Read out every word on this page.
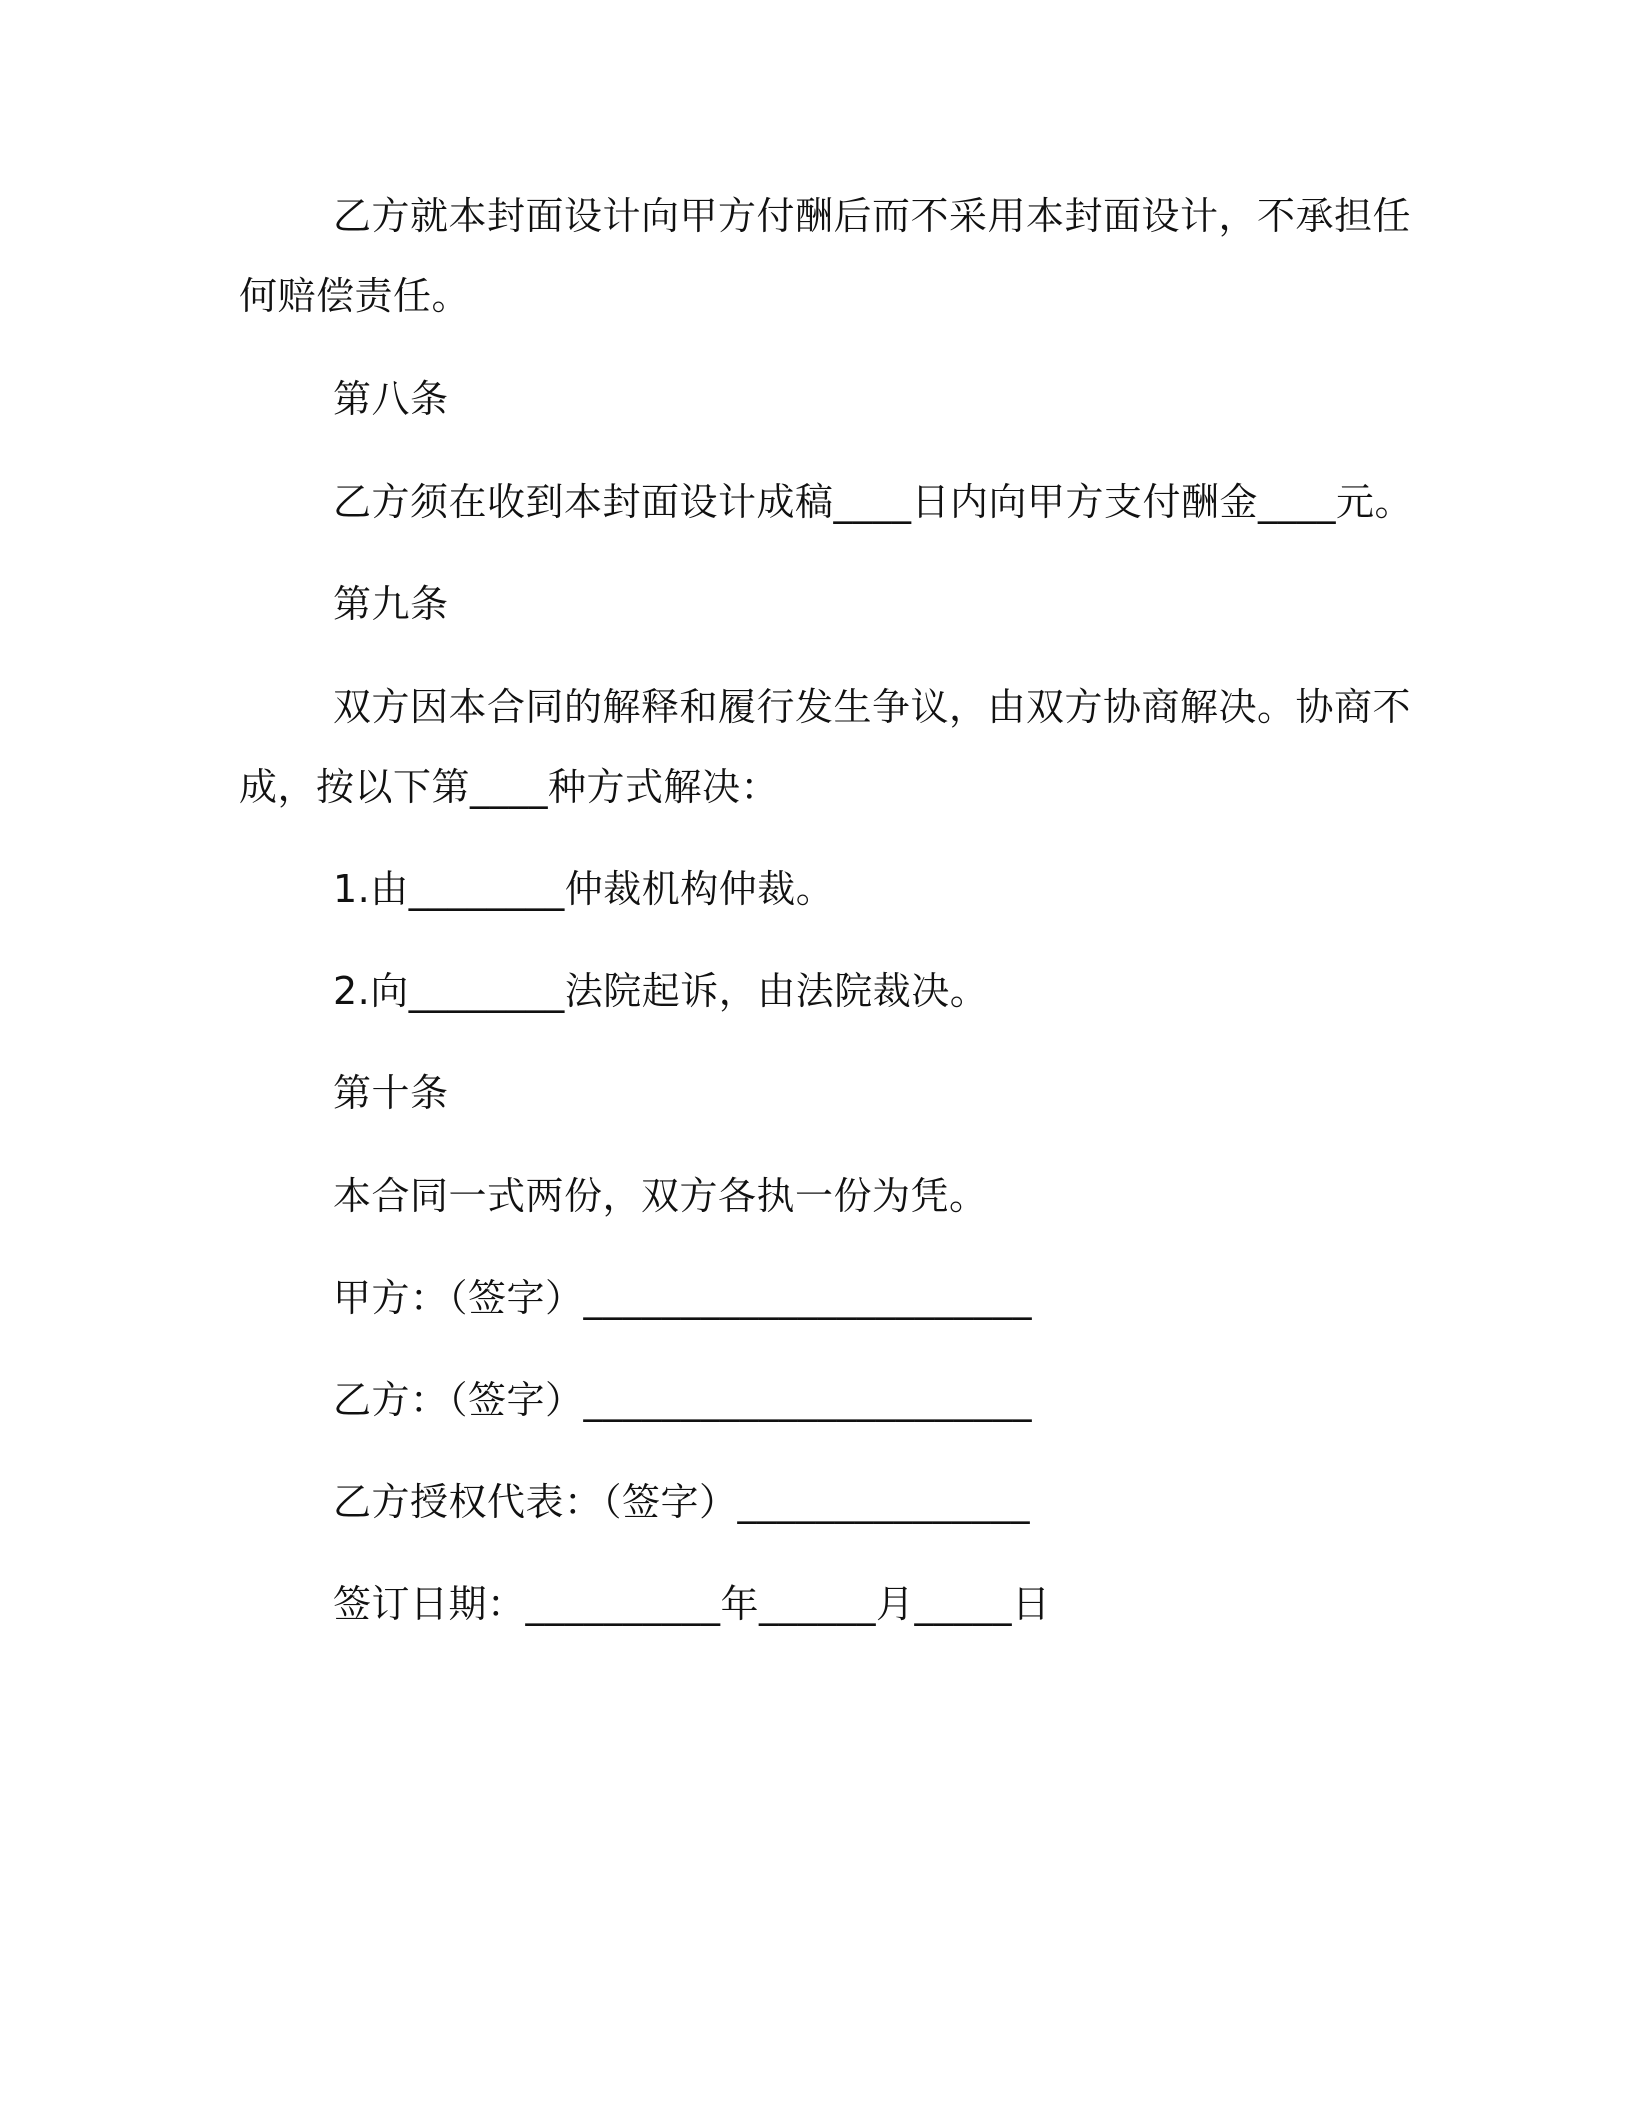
乙方就本封面设计向甲方付酬后而不采用本封面设计，不承担任
何赔偿责任。
第八条
乙方须在收到本封面设计成稿____日内向甲方支付酬金____元。
第九条
双方因本合同的解释和履行发生争议，由双方协商解决。协商不
成，按以下第____种方式解决：
1.由________仲裁机构仲裁。
2.向________法院起诉，由法院裁决。
第十条
本合同一式两份，双方各执一份为凭。
甲方：（签字）_______________________
乙方：（签字）_______________________
乙方授权代表：（签字）_______________
签订日期：__________年______月_____日
